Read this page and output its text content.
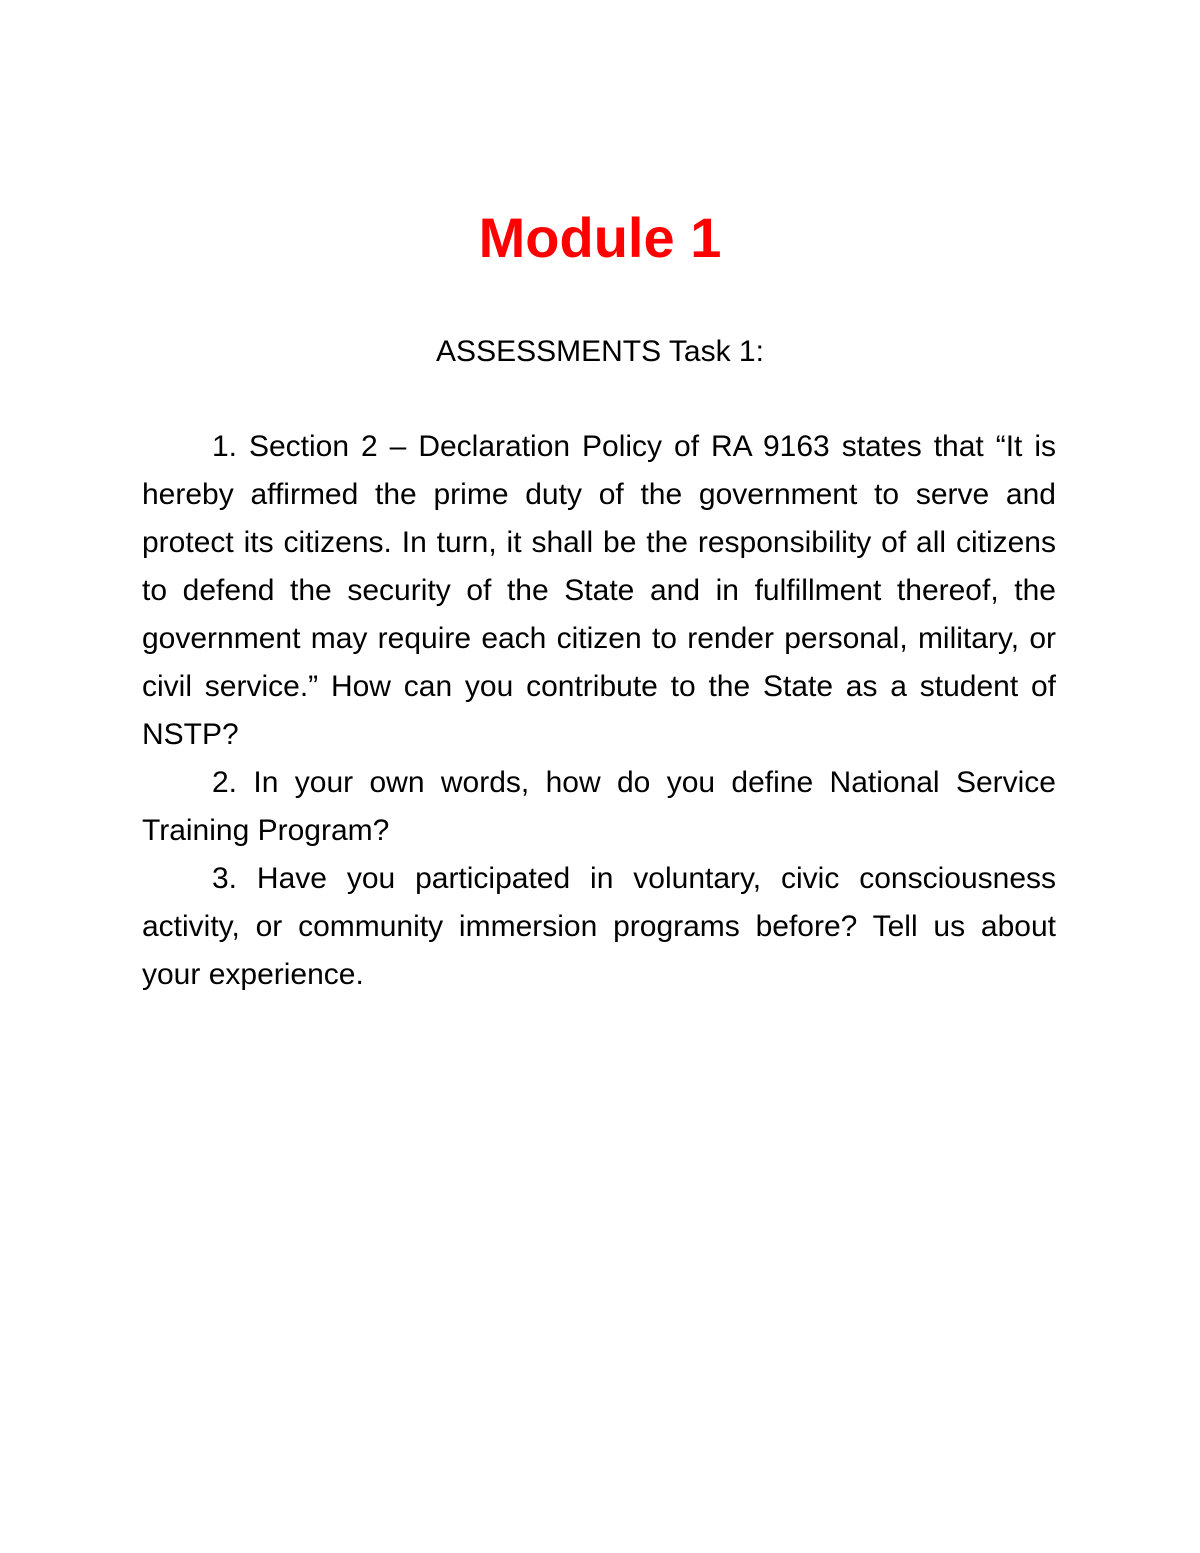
Module 1

ASSESSMENTS Task 1:

1. Section 2 – Declaration Policy of RA 9163 states that “It is hereby affirmed the prime duty of the government to serve and protect its citizens. In turn, it shall be the responsibility of all citizens to defend the security of the State and in fulfillment thereof, the government may require each citizen to render personal, military, or civil service.” How can you contribute to the State as a student of NSTP?
2. In your own words, how do you define National Service Training Program?
3. Have you participated in voluntary, civic consciousness activity, or community immersion programs before? Tell us about your experience.
